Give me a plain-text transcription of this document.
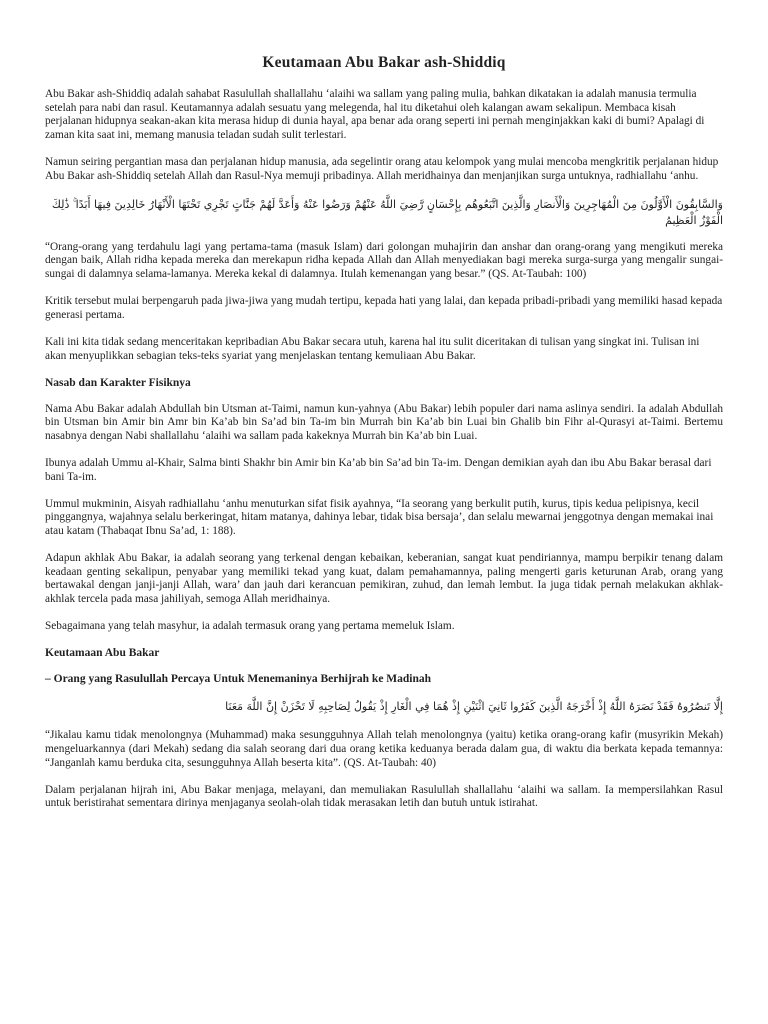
Keutamaan Abu Bakar ash-Shiddiq

Abu Bakar ash-Shiddiq adalah sahabat Rasulullah shallallahu ‘alaihi wa sallam yang paling mulia, bahkan dikatakan ia adalah manusia termulia setelah para nabi dan rasul. Keutamannya adalah sesuatu yang melegenda, hal itu diketahui oleh kalangan awam sekalipun. Membaca kisah perjalanan hidupnya seakan-akan kita merasa hidup di dunia hayal, apa benar ada orang seperti ini pernah menginjakkan kaki di bumi? Apalagi di zaman kita saat ini, memang manusia teladan sudah sulit terlestari.

Namun seiring pergantian masa dan perjalanan hidup manusia, ada segelintir orang atau kelompok yang mulai mencoba mengkritik perjalanan hidup Abu Bakar ash-Shiddiq setelah Allah dan Rasul-Nya memuji pribadinya. Allah meridhainya dan menjanjikan surga untuknya, radhiallahu ‘anhu.

وَالسَّابِقُونَ الْأَوَّلُونَ مِنَ الْمُهَاجِرِينَ وَالْأَنصَارِ وَالَّذِينَ اتَّبَعُوهُم بِإِحْسَانٍ رَّضِيَ اللَّهُ عَنْهُمْ وَرَضُوا عَنْهُ وَأَعَدَّ لَهُمْ جَنَّاتٍ تَجْرِي تَحْتَهَا الْأَنْهَارُ خَالِدِينَ فِيهَا أَبَدًا ۚ ذَٰلِكَ الْفَوْزُ الْعَظِيمُ

“Orang-orang yang terdahulu lagi yang pertama-tama (masuk Islam) dari golongan muhajirin dan anshar dan orang-orang yang mengikuti mereka dengan baik, Allah ridha kepada mereka dan merekapun ridha kepada Allah dan Allah menyediakan bagi mereka surga-surga yang mengalir sungai-sungai di dalamnya selama-lamanya. Mereka kekal di dalamnya. Itulah kemenangan yang besar.” (QS. At-Taubah: 100)

Kritik tersebut mulai berpengaruh pada jiwa-jiwa yang mudah tertipu, kepada hati yang lalai, dan kepada pribadi-pribadi yang memiliki hasad kepada generasi pertama.

Kali ini kita tidak sedang menceritakan kepribadian Abu Bakar secara utuh, karena hal itu sulit diceritakan di tulisan yang singkat ini. Tulisan ini akan menyuplikkan sebagian teks-teks syariat yang menjelaskan tentang kemuliaan Abu Bakar.

Nasab dan Karakter Fisiknya

Nama Abu Bakar adalah Abdullah bin Utsman at-Taimi, namun kun-yahnya (Abu Bakar) lebih populer dari nama aslinya sendiri. Ia adalah Abdullah bin Utsman bin Amir bin Amr bin Ka’ab bin Sa’ad bin Ta-im bin Murrah bin Ka’ab bin Luai bin Ghalib bin Fihr al-Qurasyi at-Taimi. Bertemu nasabnya dengan Nabi shallallahu ‘alaihi wa sallam pada kakeknya Murrah bin Ka’ab bin Luai.

Ibunya adalah Ummu al-Khair, Salma binti Shakhr bin Amir bin Ka’ab bin Sa’ad bin Ta-im. Dengan demikian ayah dan ibu Abu Bakar berasal dari bani Ta-im.

Ummul mukminin, Aisyah radhiallahu ‘anhu menuturkan sifat fisik ayahnya, “Ia seorang yang berkulit putih, kurus, tipis kedua pelipisnya, kecil pinggangnya, wajahnya selalu berkeringat, hitam matanya, dahinya lebar, tidak bisa bersaja’, dan selalu mewarnai jenggotnya dengan memakai inai atau katam (Thabaqat Ibnu Sa’ad, 1: 188).

Adapun akhlak Abu Bakar, ia adalah seorang yang terkenal dengan kebaikan, keberanian, sangat kuat pendiriannya, mampu berpikir tenang dalam keadaan genting sekalipun, penyabar yang memiliki tekad yang kuat, dalam pemahamannya, paling mengerti garis keturunan Arab, orang yang bertawakal dengan janji-janji Allah, wara’ dan jauh dari kerancuan pemikiran, zuhud, dan lemah lembut. Ia juga tidak pernah melakukan akhlak-akhlak tercela pada masa jahiliyah, semoga Allah meridhainya.

Sebagaimana yang telah masyhur, ia adalah termasuk orang yang pertama memeluk Islam.

Keutamaan Abu Bakar
– Orang yang Rasulullah Percaya Untuk Menemaninya Berhijrah ke Madinah
إِلَّا تَنصُرُوهُ فَقَدْ نَصَرَهُ اللَّهُ إِذْ أَخْرَجَهُ الَّذِينَ كَفَرُوا ثَانِيَ اثْنَيْنِ إِذْ هُمَا فِي الْغَارِ إِذْ يَقُولُ لِصَاحِبِهِ لَا تَحْزَنْ إِنَّ اللَّهَ مَعَنَا

“Jikalau kamu tidak menolongnya (Muhammad) maka sesungguhnya Allah telah menolongnya (yaitu) ketika orang-orang kafir (musyrikin Mekah) mengeluarkannya (dari Mekah) sedang dia salah seorang dari dua orang ketika keduanya berada dalam gua, di waktu dia berkata kepada temannya: “Janganlah kamu berduka cita, sesungguhnya Allah beserta kita”. (QS. At-Taubah: 40)

Dalam perjalanan hijrah ini, Abu Bakar menjaga, melayani, dan memuliakan Rasulullah shallallahu ‘alaihi wa sallam. Ia mempersilahkan Rasul untuk beristirahat sementara dirinya menjaganya seolah-olah tidak merasakan letih dan butuh untuk istirahat.
